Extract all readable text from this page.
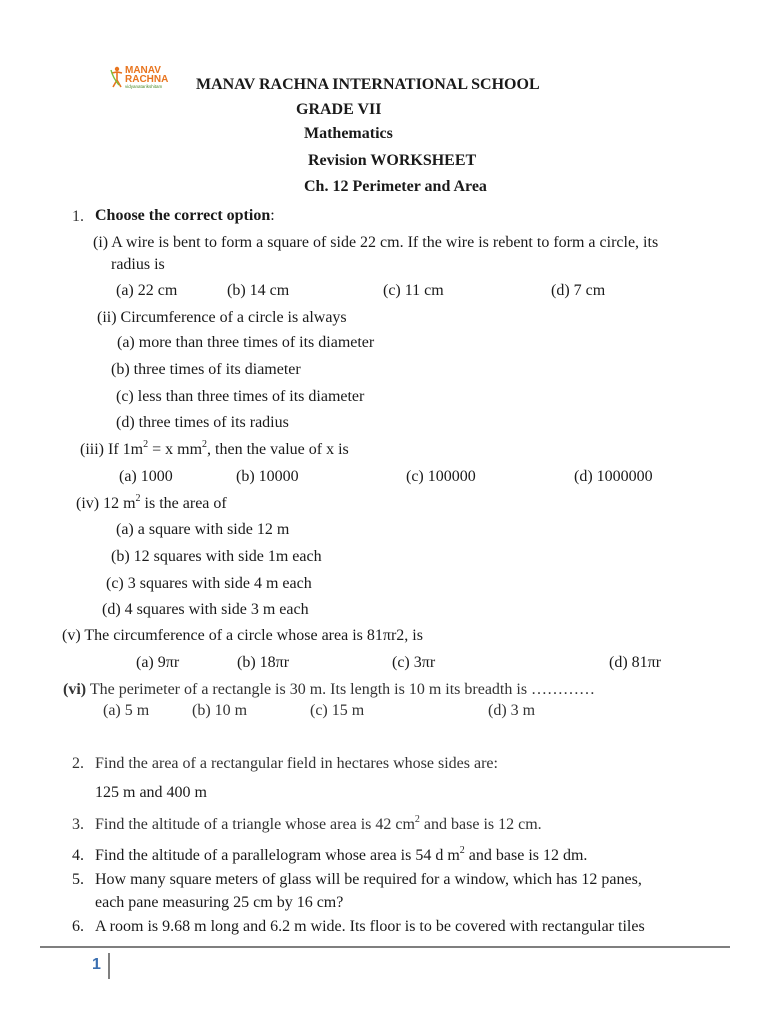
MANAV
RACHNA
vidyanatarikshitam MANAV RACHNA INTERNATIONAL SCHOOL
GRADE VII
Mathematics
Revision WORKSHEET
Ch. 12 Perimeter and Area
1. Choose the correct option:
(i) A wire is bent to form a square of side 22 cm. If the wire is rebent to form a circle, its
radius is
(a) 22 cm	(b) 14 cm	(c) 11 cm	(d) 7 cm
(ii) Circumference of a circle is always
(a) more than three times of its diameter
(b) three times of its diameter
(c) less than three times of its diameter
(d) three times of its radius
(iii) If $1m^2 = x$ $mm^2$, then the value of x is
(a) 1000	(b) 10000	(c) 100000	(d) 1000000
(iv) 12 $m^2$ is the area of
(a) a square with side 12 m
(b) 12 squares with side 1m each
(c) 3 squares with side 4 m each
(d) 4 squares with side 3 m each
(v) The circumference of a circle whose area is 81πr2, is
(a) 9πr	(b) 18πr	(c) 3πr	(d) 81πr
(vi) The perimeter of a rectangle is 30 m. Its length is 10 m its breadth is …………
(a) 5 m	(b) 10 m	(c) 15 m	(d) 3 m
2. Find the area of a rectangular field in hectares whose sides are:
125 m and 400 m
3. Find the altitude of a triangle whose area is 42 $cm^2$ and base is 12 cm.
4. Find the altitude of a parallelogram whose area is 54 d $m^2$ and base is 12 dm.
5. How many square meters of glass will be required for a window, which has 12 panes,
each pane measuring 25 cm by 16 cm?
6. A room is 9.68 m long and 6.2 m wide. Its floor is to be covered with rectangular tiles
1
